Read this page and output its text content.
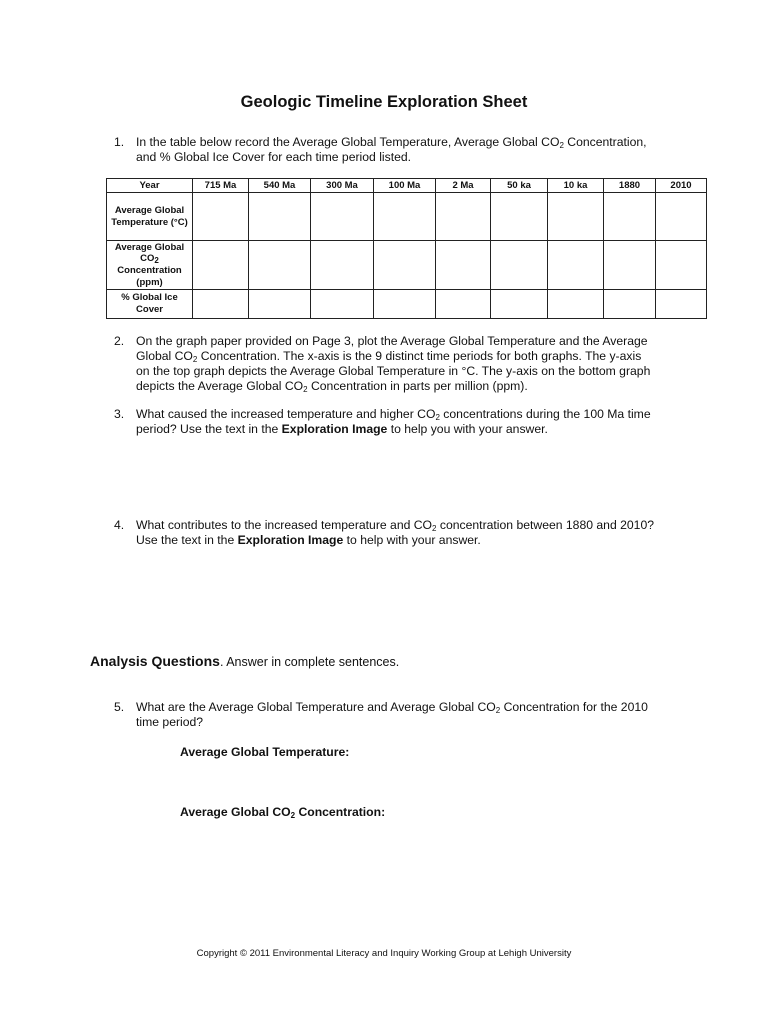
Geologic Timeline Exploration Sheet
1. In the table below record the Average Global Temperature, Average Global $CO_2$ Concentration,
and % Global Ice Cover for each time period listed.
Year	715 Ma	540 Ma	300 Ma	100 Ma	2 Ma	50 ka	10 ka	1880	2010
Average Global Temperature (°C)									
Average Global $CO_2$ Concentration (ppm)									
% Global Ice Cover									
2. On the graph paper provided on Page 3, plot the Average Global Temperature and the Average
Global $CO_2$ Concentration. The x-axis is the 9 distinct time periods for both graphs. The y-axis
on the top graph depicts the Average Global Temperature in °C. The y-axis on the bottom graph
depicts the Average Global $CO_2$ Concentration in parts per million (ppm).
3. What caused the increased temperature and higher $CO_2$ concentrations during the 100 Ma time
period? Use the text in the Exploration Image to help you with your answer.
4. What contributes to the increased temperature and $CO_2$ concentration between 1880 and 2010?
Use the text in the Exploration Image to help with your answer.
Analysis Questions. Answer in complete sentences.
5. What are the Average Global Temperature and Average Global $CO_2$ Concentration for the 2010
time period?
Average Global Temperature:
Average Global $CO_2$ Concentration:
Copyright © 2011 Environmental Literacy and Inquiry Working Group at Lehigh University
